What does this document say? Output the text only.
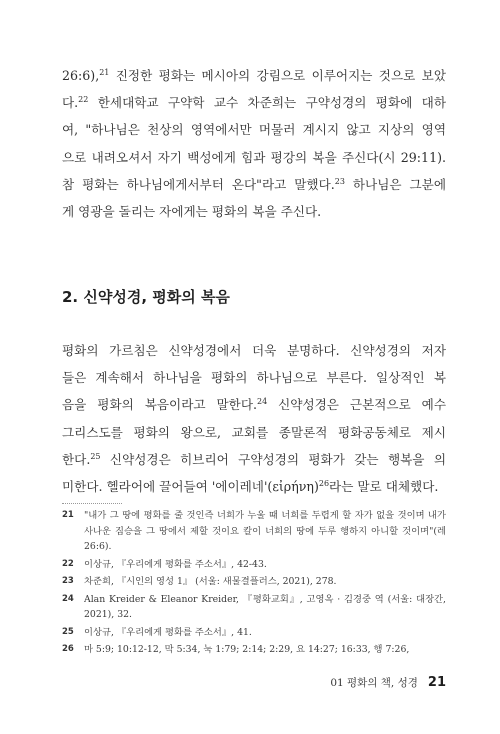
26:6),$^{21}$ 진정한 평화는 메시아의 강림으로 이루어지는 것으로 보았
다.$^{22}$ 한세대학교 구약학 교수 차준희는 구약성경의 평화에 대하
여, "하나님은 천상의 영역에서만 머물러 계시지 않고 지상의 영역
으로 내려오셔서 자기 백성에게 힘과 평강의 복을 주신다(시 29:11).
참 평화는 하나님에게서부터 온다"라고 말했다.$^{23}$ 하나님은 그분에
게 영광을 돌리는 자에게는 평화의 복을 주신다.
2. 신약성경, 평화의 복음
평화의 가르침은 신약성경에서 더욱 분명하다. 신약성경의 저자
들은 계속해서 하나님을 평화의 하나님으로 부른다. 일상적인 복
음을 평화의 복음이라고 말한다.$^{24}$ 신약성경은 근본적으로 예수
그리스도를 평화의 왕으로, 교회를 종말론적 평화공동체로 제시
한다.$^{25}$ 신약성경은 히브리어 구약성경의 평화가 갖는 행복을 의
미한다. 헬라어에 끌어들여 '에이레네'(εἰρήνη)$^{26}$라는 말로 대체했다.
21 "내가 그 땅에 평화를 줄 것인즉 너희가 누울 때 너희를 두렵게 할 자가 없을 것이며 내가 사나운 짐승을 그 땅에서 제할 것이요 칼이 너희의 땅에 두루 행하지 아니할 것이며"(레 26:6).
22 이상규, 『우리에게 평화를 주소서』, 42-43.
23 차준희, 『시인의 영성 1』 (서울: 새물결플러스, 2021), 278.
24 Alan Kreider & Eleanor Kreider, 『평화교회』, 고영옥 · 김경중 역 (서울: 대장간, 2021), 32.
25 이상규, 『우리에게 평화를 주소서』, 41.
26 마 5:9; 10:12-12, 막 5:34, 눅 1:79; 2:14; 2:29, 요 14:27; 16:33, 행 7:26,
01 평화의 책, 성경 21
